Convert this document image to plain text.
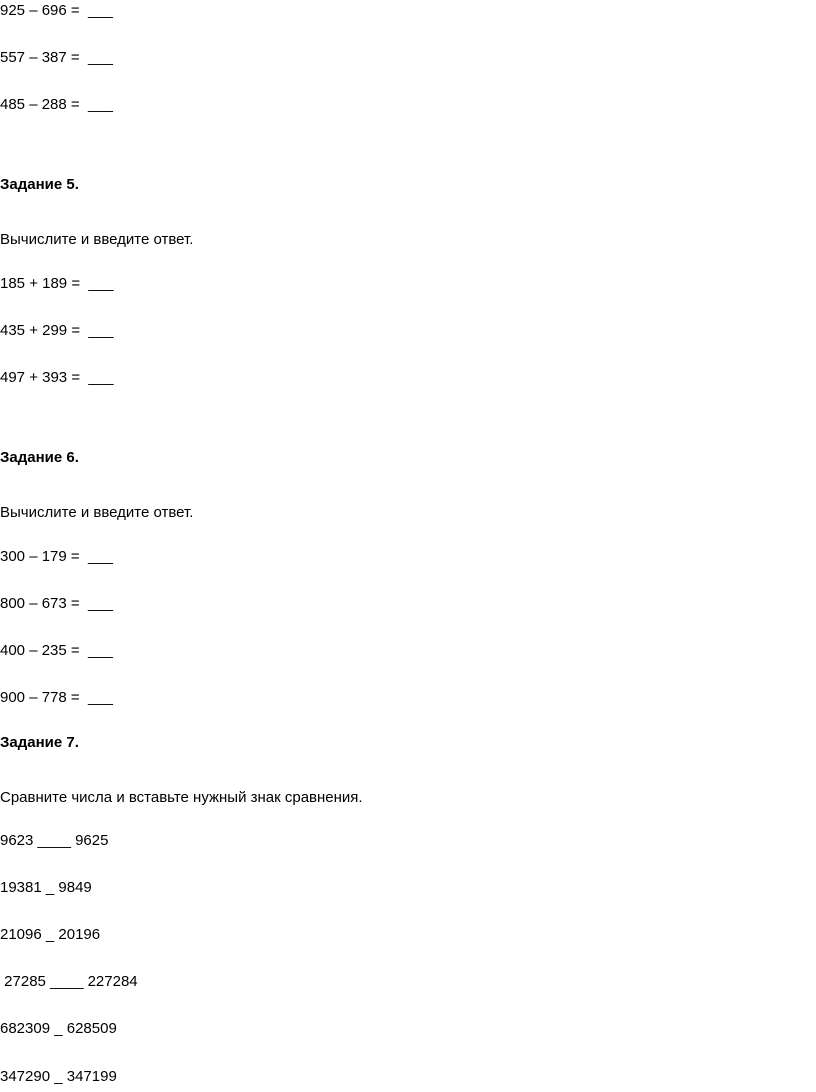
925 – 696 =  ___
557 – 387 =  ___
485 – 288 =  ___
Задание 5.
Вычислите и введите ответ.
185 + 189 =  ___
435 + 299 =  ___
497 + 393 =  ___
Задание 6.
Вычислите и введите ответ.
300 – 179 =  ___
800 – 673 =  ___
400 – 235 =  ___
900 – 778 =  ___
Задание 7.
Сравните числа и вставьте нужный знак сравнения.
9623 ____ 9625
19381 _ 9849
21096 _ 20196
27285 ____ 227284
682309 _ 628509
347290 _ 347199
